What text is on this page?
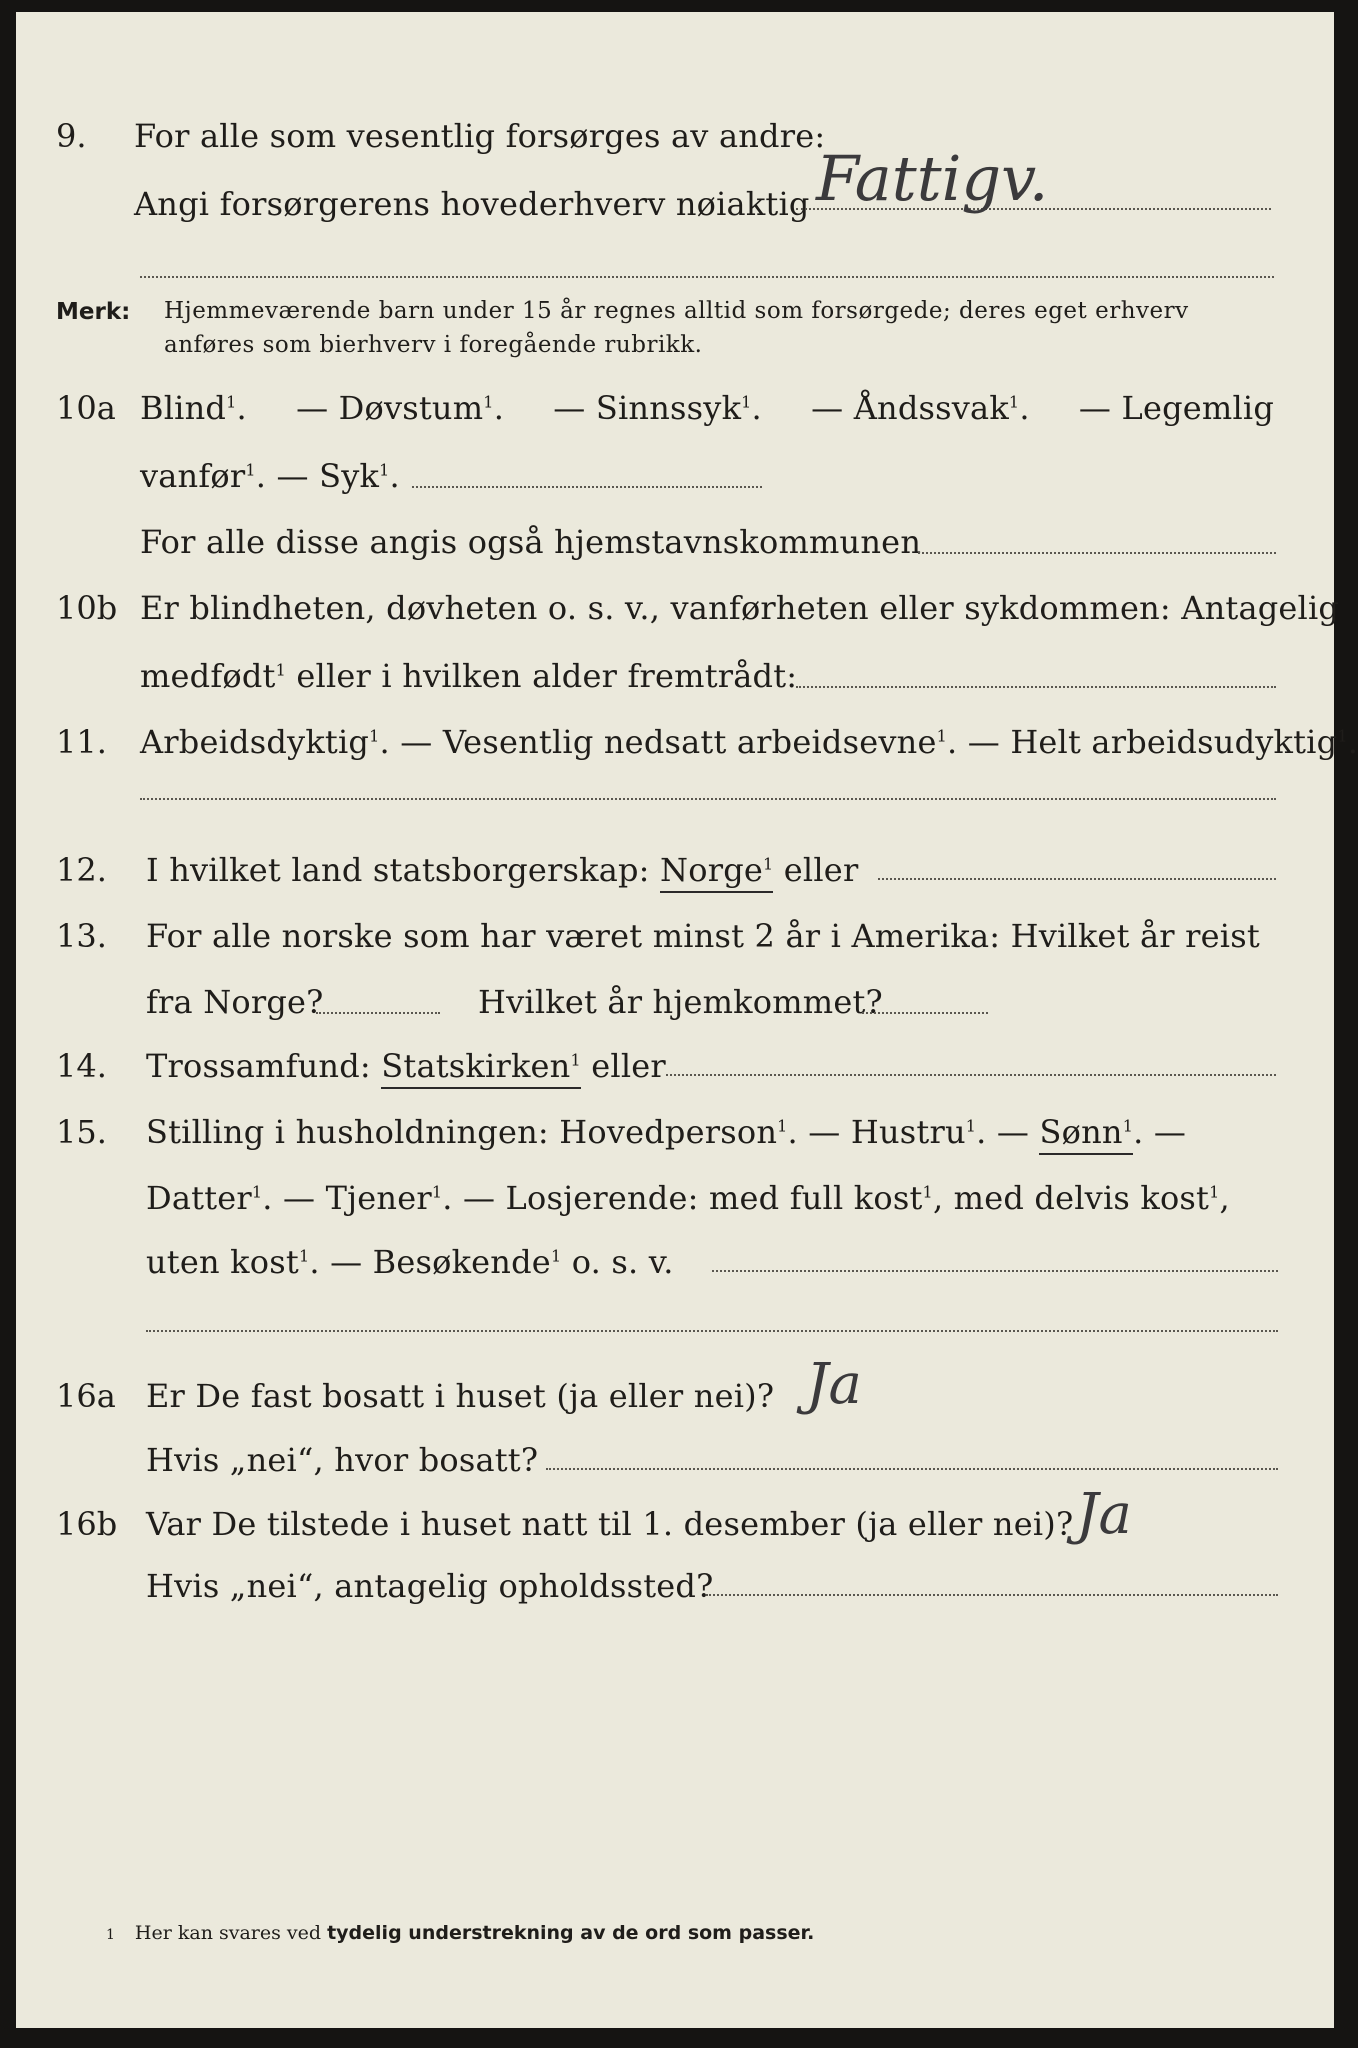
9. For alle som vesentlig forsørges av andre:
Angi forsørgerens hovederhverv nøiaktig Fattigv.
Merk: Hjemmeværende barn under 15 år regnes alltid som forsørgede; deres eget erhverv
anføres som bierhverv i foregående rubrikk.
10a Blind$^1$. — Døvstum$^1$. — Sinnssyk$^1$. — Åndssvak$^1$. — Legemlig
vanfør$^1$. — Syk$^1$.
For alle disse angis også hjemstavnskommunen
10b Er blindheten, døvheten o. s. v., vanførheten eller sykdommen: Antagelig
medfødt$^1$ eller i hvilken alder fremtrådt:
11. Arbeidsdyktig$^1$. — Vesentlig nedsatt arbeidsevne$^1$. — Helt arbeidsudyktig$^1$.
12. I hvilket land statsborgerskap: Norge$^1$ eller
13. For alle norske som har været minst 2 år i Amerika: Hvilket år reist
fra Norge?	Hvilket år hjemkommet?
14. Trossamfund: Statskirken$^1$ eller
15. Stilling i husholdningen: Hovedperson$^1$. — Hustru$^1$. — Sønn$^1$. —
Datter$^1$. — Tjener$^1$. — Losjerende: med full kost$^1$, med delvis kost$^1$,
uten kost$^1$. — Besøkende$^1$ o. s. v.
16a Er De fast bosatt i huset (ja eller nei)? Ja
Hvis „nei“, hvor bosatt?
16b Var De tilstede i huset natt til 1. desember (ja eller nei)? Ja
Hvis „nei“, antagelig opholdssted?
1 Her kan svares ved tydelig understrekning av de ord som passer.
